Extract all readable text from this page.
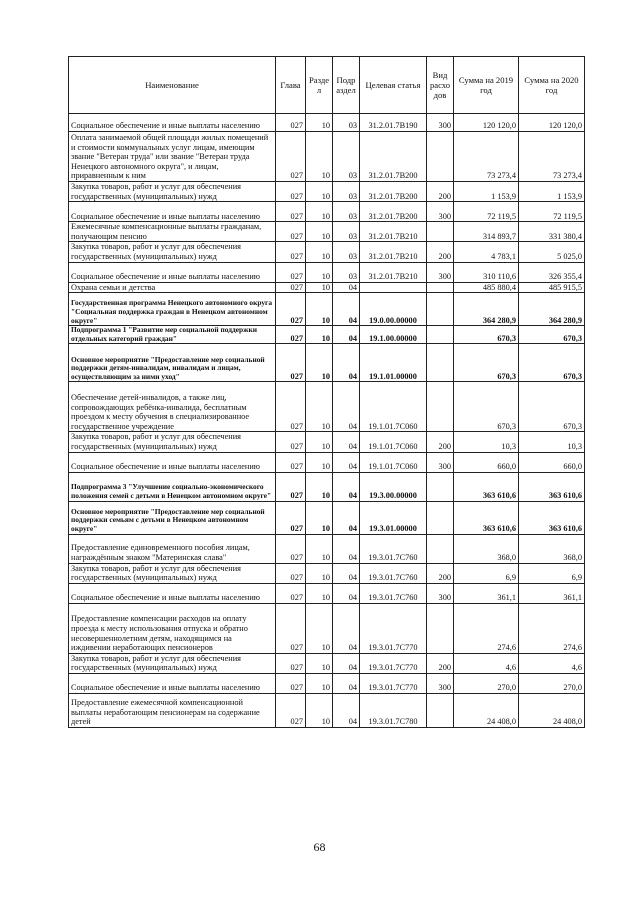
Наименование	Глава	Разде л	Подр аздел	Целевая статья	Вид расхо дов	Сумма на 2019 год	Сумма на 2020 год
Социальное обеспечение и иные выплаты населению	027	10	03	31.2.01.7В190	300	120 120,0	120 120,0
Оплата занимаемой общей площади жилых помещений и стоимости коммунальных услуг лицам, имеющим звание "Ветеран труда" или звание "Ветеран труда Ненецкого автономного округа", и лицам, приравненным к ним	027	10	03	31.2.01.7В200		73 273,4	73 273,4
Закупка товаров, работ и услуг для обеспечения государственных (муниципальных) нужд	027	10	03	31.2.01.7В200	200	1 153,9	1 153,9
Социальное обеспечение и иные выплаты населению	027	10	03	31.2.01.7В200	300	72 119,5	72 119,5
Ежемесячные компенсационные выплаты гражданам, получающим пенсию	027	10	03	31.2.01.7В210		314 893,7	331 380,4
Закупка товаров, работ и услуг для обеспечения государственных (муниципальных) нужд	027	10	03	31.2.01.7В210	200	4 783,1	5 025,0
Социальное обеспечение и иные выплаты населению	027	10	03	31.2.01.7В210	300	310 110,6	326 355,4
Охрана семьи и детства	027	10	04			485 880,4	485 915,5
Государственная программа Ненецкого автономного округа "Социальная поддержка граждан в Ненецком автономном округе"	027	10	04	19.0.00.00000		364 280,9	364 280,9
Подпрограмма 1 "Развитие мер социальной поддержки отдельных категорий граждан"	027	10	04	19.1.00.00000		670,3	670,3
Основное мероприятие "Предоставление мер социальной поддержки детям-инвалидам, инвалидам и лицам, осуществляющим за ними уход"	027	10	04	19.1.01.00000		670,3	670,3
Обеспечение детей-инвалидов, а также лиц, сопровождающих ребёнка-инвалида, бесплатным проездом к месту обучения в специализированное государственное учреждение	027	10	04	19.1.01.7С060		670,3	670,3
Закупка товаров, работ и услуг для обеспечения государственных (муниципальных) нужд	027	10	04	19.1.01.7С060	200	10,3	10,3
Социальное обеспечение и иные выплаты населению	027	10	04	19.1.01.7С060	300	660,0	660,0
Подпрограмма 3 "Улучшение социально-экономического положения семей с детьми в Ненецком автономном округе"	027	10	04	19.3.00.00000		363 610,6	363 610,6
Основное мероприятие "Предоставление мер социальной поддержки семьям с детьми в Ненецком автономном округе"	027	10	04	19.3.01.00000		363 610,6	363 610,6
Предоставление единовременного пособия лицам, награждённым знаком "Материнская слава"	027	10	04	19.3.01.7С760		368,0	368,0
Закупка товаров, работ и услуг для обеспечения государственных (муниципальных) нужд	027	10	04	19.3.01.7С760	200	6,9	6,9
Социальное обеспечение и иные выплаты населению	027	10	04	19.3.01.7С760	300	361,1	361,1
Предоставление компенсации расходов на оплату проезда к месту использования отпуска и обратно несовершеннолетним детям, находящимся на иждивении неработающих пенсионеров	027	10	04	19.3.01.7С770		274,6	274,6
Закупка товаров, работ и услуг для обеспечения государственных (муниципальных) нужд	027	10	04	19.3.01.7С770	200	4,6	4,6
Социальное обеспечение и иные выплаты населению	027	10	04	19.3.01.7С770	300	270,0	270,0
Предоставление ежемесячной компенсационной выплаты неработающим пенсионерам на содержание детей	027	10	04	19.3.01.7С780		24 408,0	24 408,0
68
